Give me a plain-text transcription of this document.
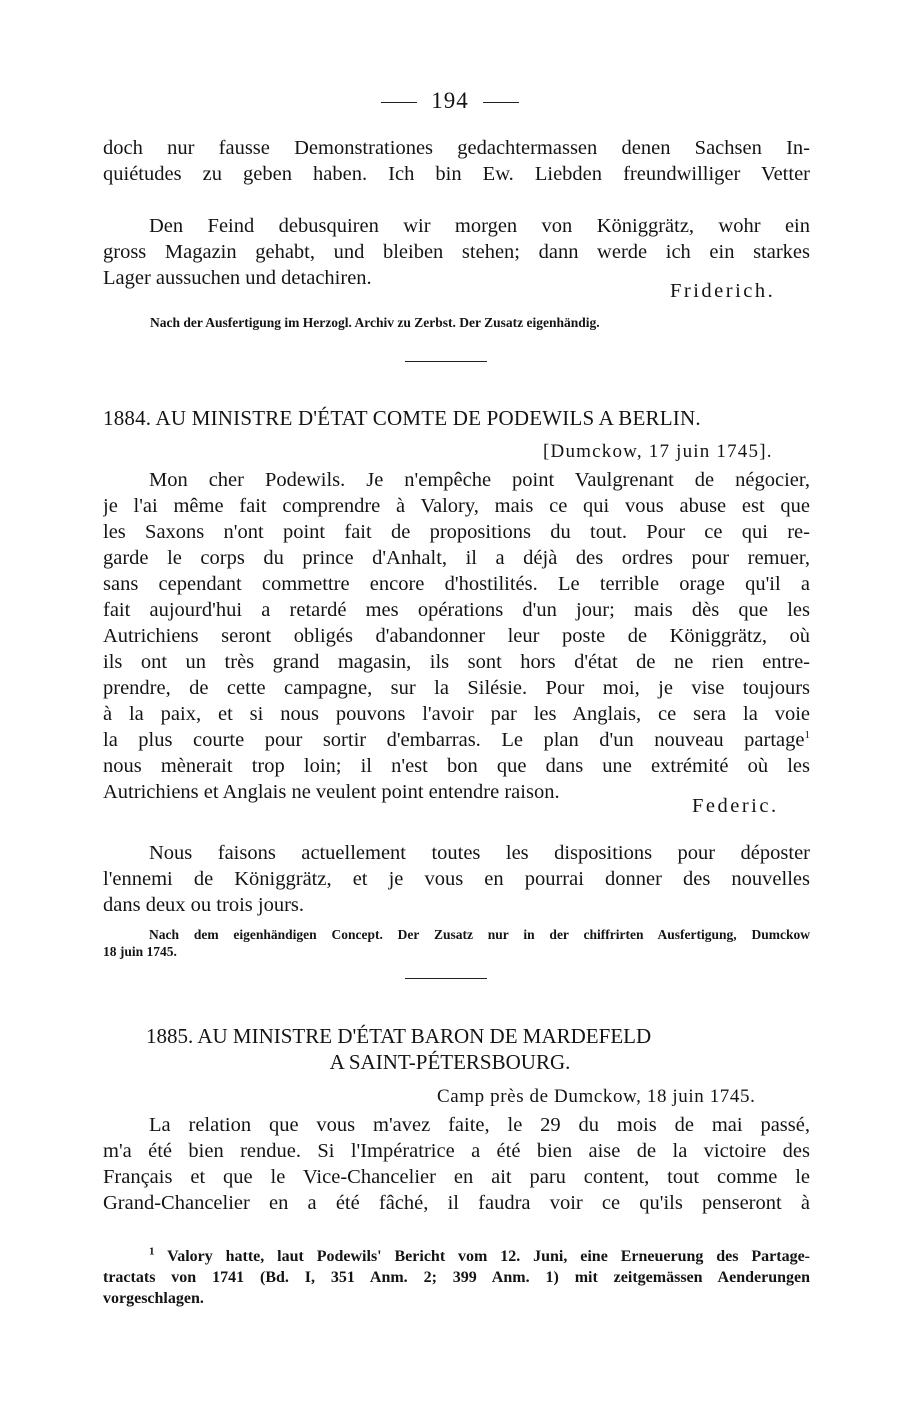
194
doch nur fausse Demonstrationes gedachtermassen denen Sachsen In-
quiétudes zu geben haben. Ich bin Ew. Liebden freundwilliger Vetter
Den Feind debusquiren wir morgen von Königgrätz, wohr ein
gross Magazin gehabt, und bleiben stehen; dann werde ich ein starkes
Lager aussuchen und detachiren.
Friderich.
Nach der Ausfertigung im Herzogl. Archiv zu Zerbst. Der Zusatz eigenhändig.
1884. AU MINISTRE D'ÉTAT COMTE DE PODEWILS A BERLIN.
[Dumckow, 17 juin 1745].
Mon cher Podewils. Je n'empêche point Vaulgrenant de négocier,
je l'ai même fait comprendre à Valory, mais ce qui vous abuse est que
les Saxons n'ont point fait de propositions du tout. Pour ce qui re-
garde le corps du prince d'Anhalt, il a déjà des ordres pour remuer,
sans cependant commettre encore d'hostilités. Le terrible orage qu'il a
fait aujourd'hui a retardé mes opérations d'un jour; mais dès que les
Autrichiens seront obligés d'abandonner leur poste de Königgrätz, où
ils ont un très grand magasin, ils sont hors d'état de ne rien entre-
prendre, de cette campagne, sur la Silésie. Pour moi, je vise toujours
à la paix, et si nous pouvons l'avoir par les Anglais, ce sera la voie
la plus courte pour sortir d'embarras. Le plan d'un nouveau partage$^1$
nous mènerait trop loin; il n'est bon que dans une extrémité où les
Autrichiens et Anglais ne veulent point entendre raison.
Federic.
Nous faisons actuellement toutes les dispositions pour déposter
l'ennemi de Königgrätz, et je vous en pourrai donner des nouvelles
dans deux ou trois jours.
Nach dem eigenhändigen Concept. Der Zusatz nur in der chiffrirten Ausfertigung, Dumckow
18 juin 1745.
1885. AU MINISTRE D'ÉTAT BARON DE MARDEFELD
A SAINT-PÉTERSBOURG.
Camp près de Dumckow, 18 juin 1745.
La relation que vous m'avez faite, le 29 du mois de mai passé,
m'a été bien rendue. Si l'Impératrice a été bien aise de la victoire des
Français et que le Vice-Chancelier en ait paru content, tout comme le
Grand-Chancelier en a été fâché, il faudra voir ce qu'ils penseront à
$^1$ Valory hatte, laut Podewils' Bericht vom 12. Juni, eine Erneuerung des Partage-
tractats von 1741 (Bd. I, 351 Anm. 2; 399 Anm. 1) mit zeitgemässen Aenderungen
vorgeschlagen.
